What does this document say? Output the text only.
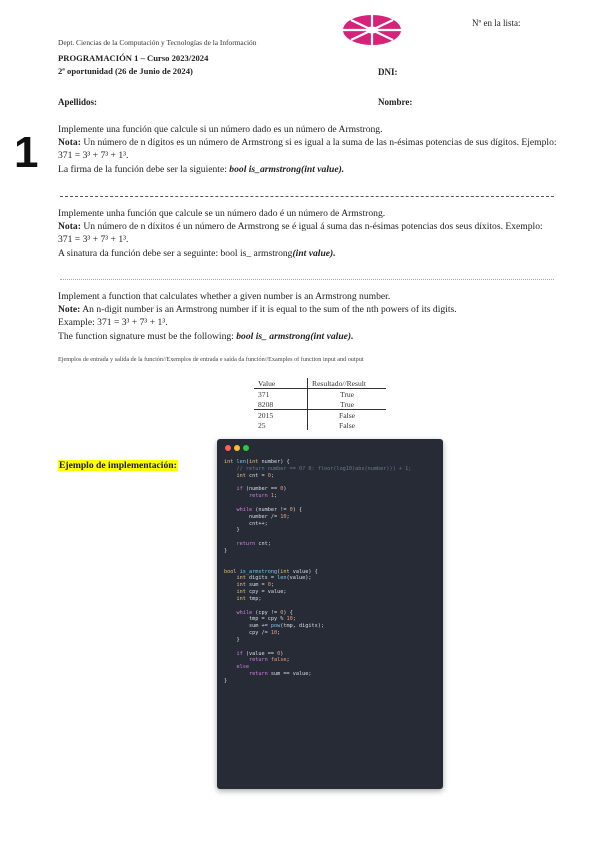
Nº en la lista:
Dept. Ciencias de la Computación y Tecnologías de la Información
PROGRAMACIÓN 1 – Curso 2023/2024
2ª oportunidad (26 de Junio de 2024)	DNI:
Apellidos:	Nombre:
1 Implemente una función que calcule si un número dado es un número de Armstrong.

Nota: Un número de n dígitos es un número de Armstrong si es igual a la suma de las n-ésimas potencias de sus dígitos. Ejemplo: 371 = 3³ + 7³ + 1³.

La firma de la función debe ser la siguiente: bool is_armstrong(int value).

Implemente unha función que calcule se un número dado é un número de Armstrong.

Nota: Un número de n díxitos é un número de Armstrong se é igual á suma das n-ésimas potencias dos seus díxitos. Exemplo: 371 = 3³ + 7³ + 1³.

A sinatura da función debe ser a seguinte: bool is_ armstrong(int value).

Implement a function that calculates whether a given number is an Armstrong number.

Note: An n-digit number is an Armstrong number if it is equal to the sum of the nth powers of its digits.

Example: 371 = 3³ + 7³ + 1³.

The function signature must be the following: bool is_ armstrong(int value).

Ejemplos de entrada y salida de la función//Exemplos de entrada e saída da función//Examples of function input and output
Value	Resultado//Result
371	True
8208	True
2015	False
25	False
Ejemplo de implementación:	int len(int number) {
// return number == 0? 0: floor(log10(abs(number))) + 1;
int cnt = 0;

if (number == 0)
return 1;

while (number != 0) {
number /= 10;
cnt++;
}

return cnt;
}

bool is_armstrong(int value) {
int digits = len(value);
int sum = 0;
int cpy = value;
int tmp;

while (cpy != 0) {
tmp = cpy % 10;
sum += pow(tmp, digits);
cpy /= 10;
}

if (value == 0)
return false;
else
return sum == value;
}
